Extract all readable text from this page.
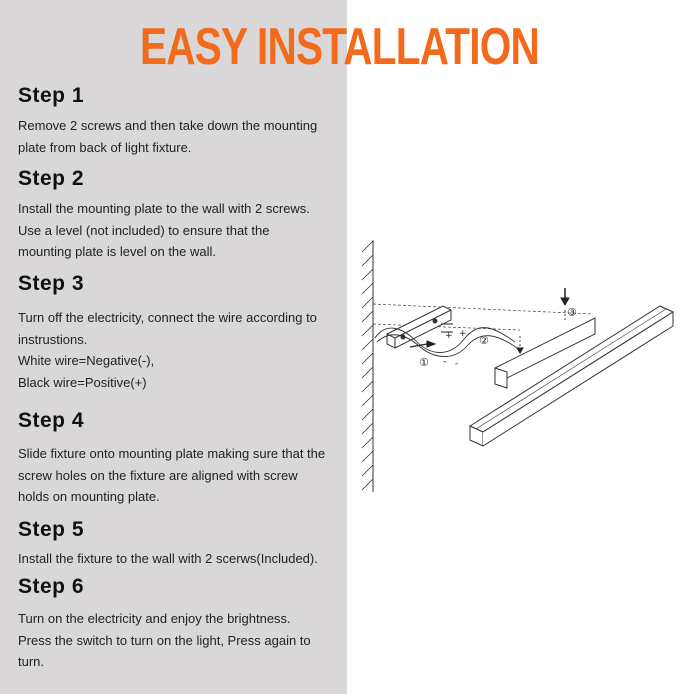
EASY INSTALLATION
Step 1

Remove 2 screws and then take down the mounting
plate from back of light fixture.

Step 2

Install the mounting plate to the wall with 2 screws.
Use a level (not included) to ensure that the
mounting plate is level on the wall.

Step 3

Turn off the electricity, connect the wire according to
instrustions.
White wire=Negative(-),
Black wire=Positive(+)

Step 4

Slide fixture onto mounting plate making sure that the
screw holes on the fixture are aligned with screw
holds on mounting plate.

Step 5

Install the fixture to the wall with 2 scerws(Included).

Step 6

Turn on the electricity and enjoy the brightness.
Press the switch to turn on the light, Press again to
turn.

+ +
- -
①
②
③
